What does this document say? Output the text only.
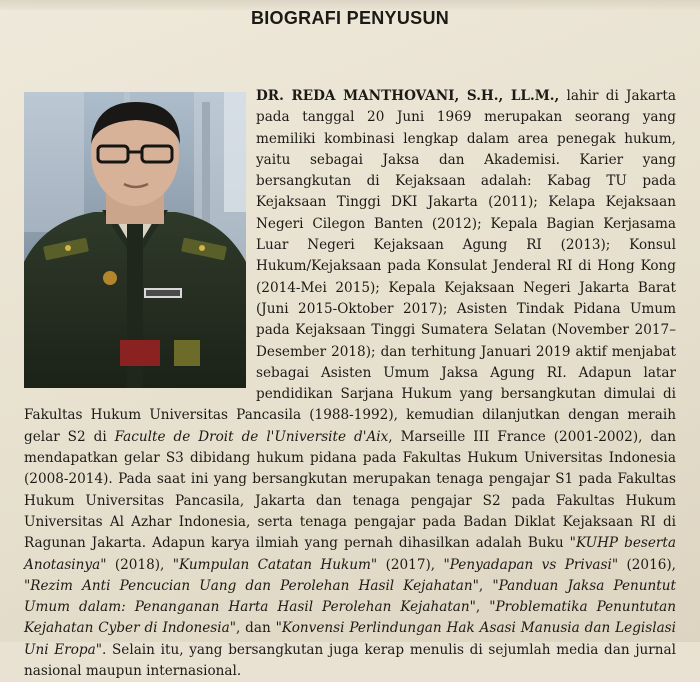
BIOGRAFI PENYUSUN
DR. REDA MANTHOVANI, S.H., LL.M., lahir di Jakarta pada tanggal 20 Juni 1969 merupakan seorang yang memiliki kombinasi lengkap dalam area penegak hukum, yaitu sebagai Jaksa dan Akademisi. Karier yang bersangkutan di Kejaksaan adalah: Kabag TU pada Kejaksaan Tinggi DKI Jakarta (2011); Kelapa Kejaksaan Negeri Cilegon Banten (2012); Kepala Bagian Kerjasama Luar Negeri Kejaksaan Agung RI (2013); Konsul Hukum/Kejaksaan pada Konsulat Jenderal RI di Hong Kong (2014-Mei 2015); Kepala Kejaksaan Negeri Jakarta Barat (Juni 2015-Oktober 2017); Asisten Tindak Pidana Umum pada Kejaksaan Tinggi Sumatera Selatan (November 2017–Desember 2018); dan terhitung Januari 2019 aktif menjabat sebagai Asisten Umum Jaksa Agung RI. Adapun latar pendidikan Sarjana Hukum yang bersangkutan dimulai di Fakultas Hukum Universitas Pancasila (1988-1992), kemudian dilanjutkan dengan meraih gelar S2 di Faculte de Droit de l'Universite d'Aix, Marseille III France (2001-2002), dan mendapatkan gelar S3 dibidang hukum pidana pada Fakultas Hukum Universitas Indonesia (2008-2014). Pada saat ini yang bersangkutan merupakan tenaga pengajar S1 pada Fakultas Hukum Universitas Pancasila, Jakarta dan tenaga pengajar S2 pada Fakultas Hukum Universitas Al Azhar Indonesia, serta tenaga pengajar pada Badan Diklat Kejaksaan RI di Ragunan Jakarta. Adapun karya ilmiah yang pernah dihasilkan adalah Buku "KUHP beserta Anotasinya" (2018), "Kumpulan Catatan Hukum" (2017), "Penyadapan vs Privasi" (2016), "Rezim Anti Pencucian Uang dan Perolehan Hasil Kejahatan", "Panduan Jaksa Penuntut Umum dalam: Penanganan Harta Hasil Perolehan Kejahatan", "Problematika Penuntutan Kejahatan Cyber di Indonesia", dan "Konvensi Perlindungan Hak Asasi Manusia dan Legislasi Uni Eropa". Selain itu, yang bersangkutan juga kerap menulis di sejumlah media dan jurnal nasional maupun internasional.
